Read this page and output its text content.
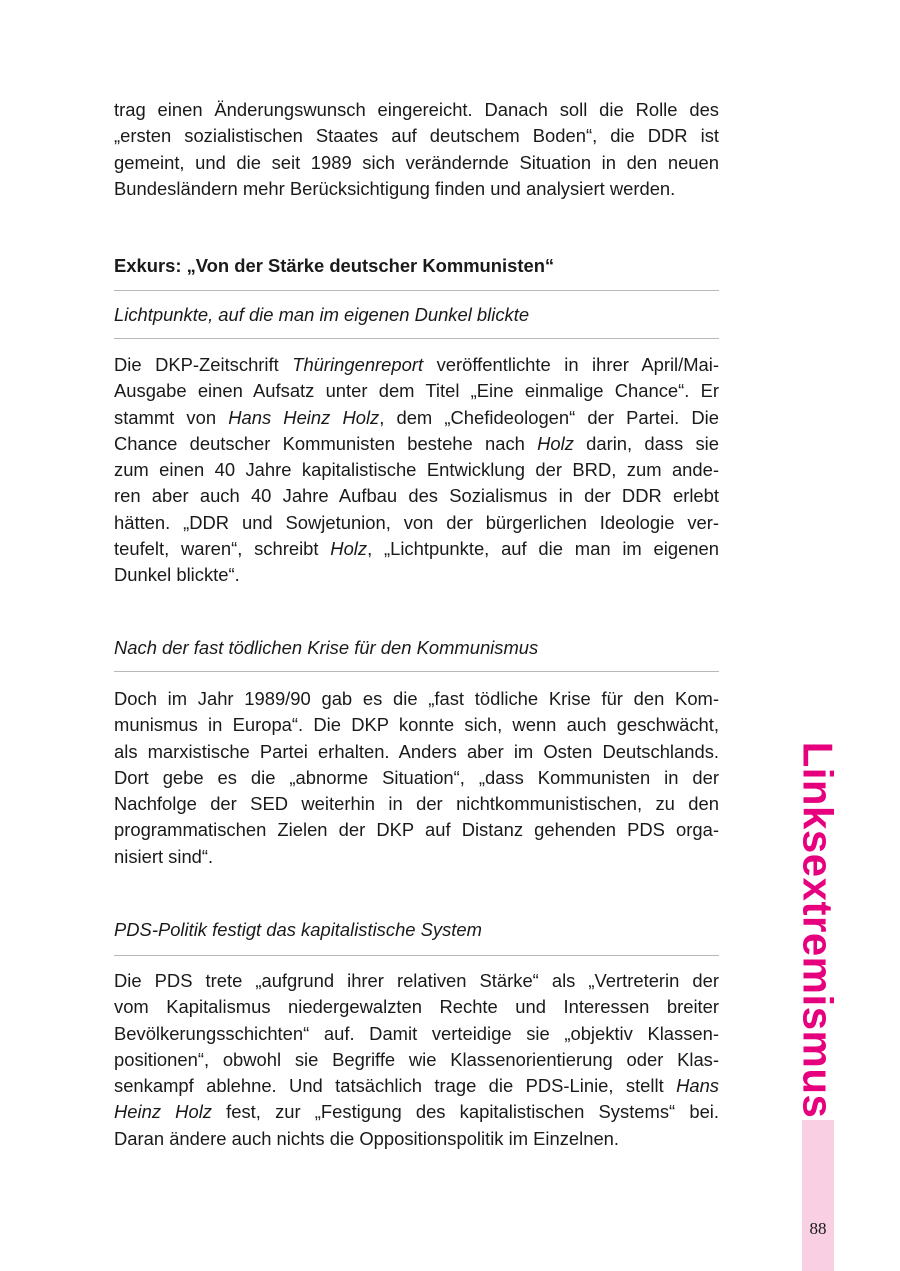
trag einen Änderungswunsch eingereicht. Danach soll die Rolle des
„ersten sozialistischen Staates auf deutschem Boden“, die DDR ist
gemeint, und die seit 1989 sich verändernde Situation in den neuen
Bundesländern mehr Berücksichtigung finden und analysiert werden.

Exkurs: „Von der Stärke deutscher Kommunisten“

Lichtpunkte, auf die man im eigenen Dunkel blickte

Die DKP-Zeitschrift Thüringenreport veröffentlichte in ihrer April/Mai-
Ausgabe einen Aufsatz unter dem Titel „Eine einmalige Chance“. Er
stammt von Hans Heinz Holz, dem „Chefideologen“ der Partei. Die
Chance deutscher Kommunisten bestehe nach Holz darin, dass sie
zum einen 40 Jahre kapitalistische Entwicklung der BRD, zum ande-
ren aber auch 40 Jahre Aufbau des Sozialismus in der DDR erlebt
hätten. „DDR und Sowjetunion, von der bürgerlichen Ideologie ver-
teufelt, waren“, schreibt Holz, „Lichtpunkte, auf die man im eigenen
Dunkel blickte“.

Nach der fast tödlichen Krise für den Kommunismus

Doch im Jahr 1989/90 gab es die „fast tödliche Krise für den Kom-
munismus in Europa“. Die DKP konnte sich, wenn auch geschwächt,
als marxistische Partei erhalten. Anders aber im Osten Deutschlands.
Dort gebe es die „abnorme Situation“, „dass Kommunisten in der
Nachfolge der SED weiterhin in der nichtkommunistischen, zu den
programmatischen Zielen der DKP auf Distanz gehenden PDS orga-
nisiert sind“.

PDS-Politik festigt das kapitalistische System

Die PDS trete „aufgrund ihrer relativen Stärke“ als „Vertreterin der
vom Kapitalismus niedergewalzten Rechte und Interessen breiter
Bevölkerungsschichten“ auf. Damit verteidige sie „objektiv Klassen-
positionen“, obwohl sie Begriffe wie Klassenorientierung oder Klas-
senkampf ablehne. Und tatsächlich trage die PDS-Linie, stellt Hans
Heinz Holz fest, zur „Festigung des kapitalistischen Systems“ bei.
Daran ändere auch nichts die Oppositionspolitik im Einzelnen.

Linksextremismus
88
